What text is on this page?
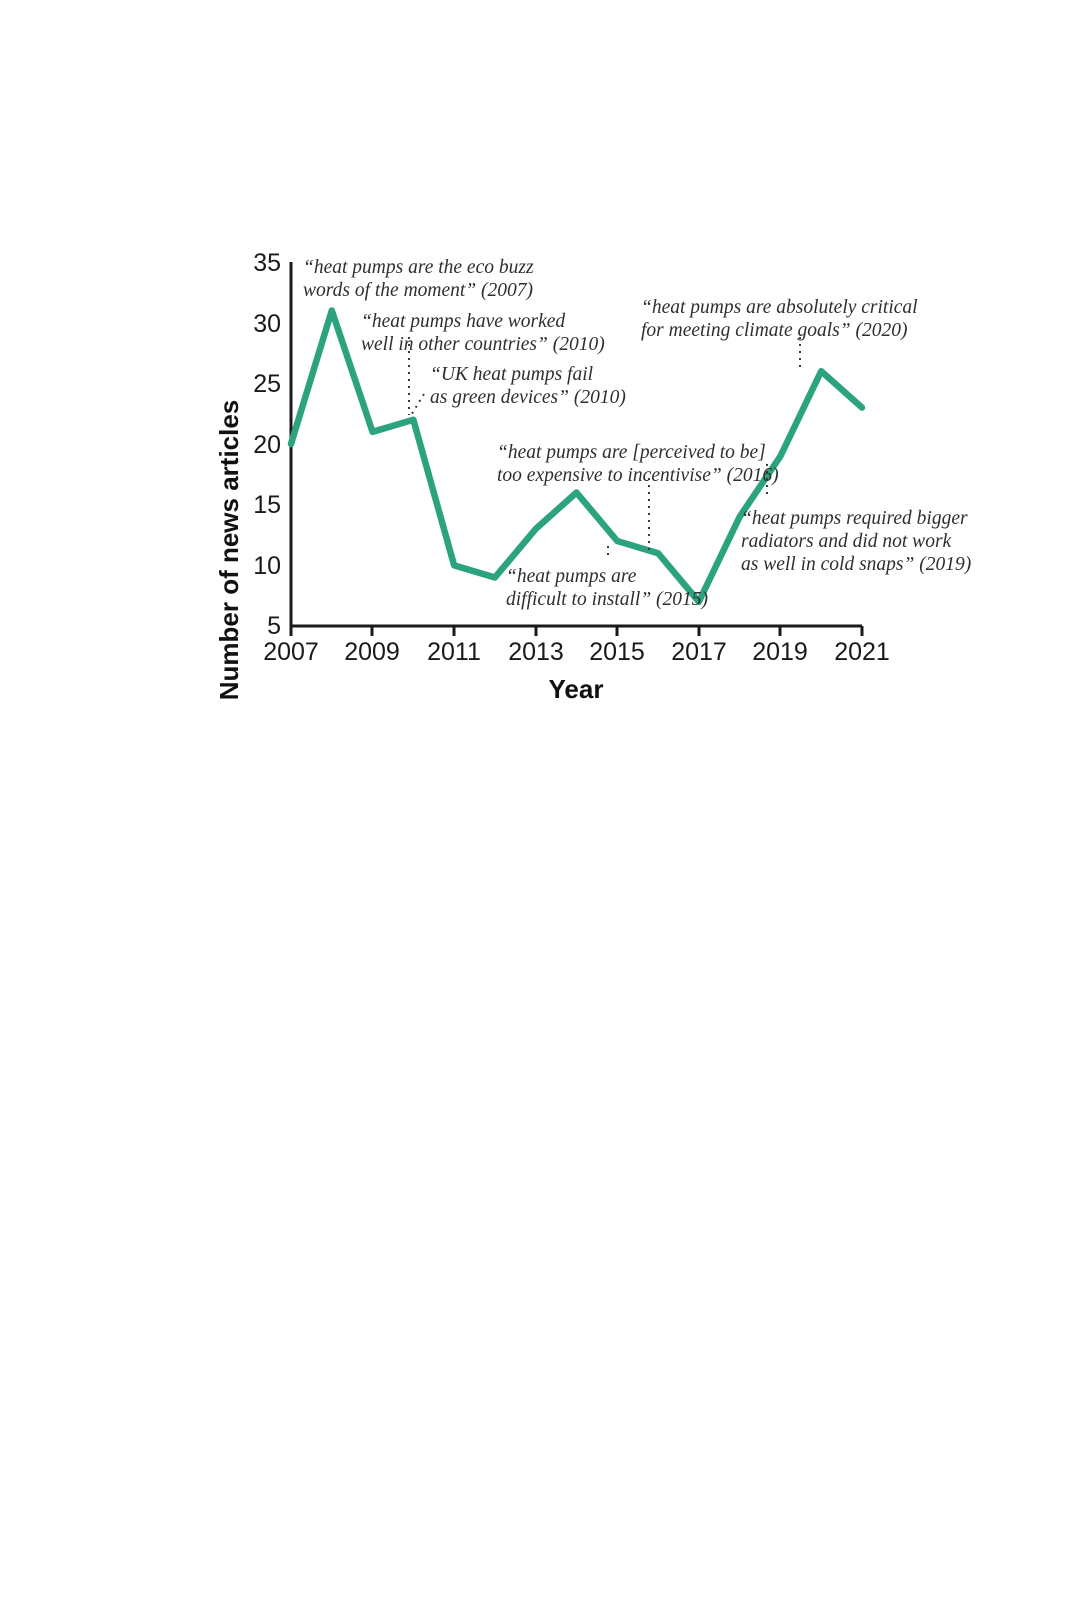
Number of news articles
35
30
25
20
15
10
5
2007 2009 2011 2013 2015 2017 2019 2021
Year
“heat pumps are the eco buzz
words of the moment” (2007)
“heat pumps have worked
well in other countries” (2010)
“UK heat pumps fail
as green devices” (2010)
“heat pumps are [perceived to be]
too expensive to incentivise” (2016)
“heat pumps are
difficult to install” (2015)
“heat pumps are absolutely critical
for meeting climate goals” (2020)
“heat pumps required bigger
radiators and did not work
as well in cold snaps” (2019)
